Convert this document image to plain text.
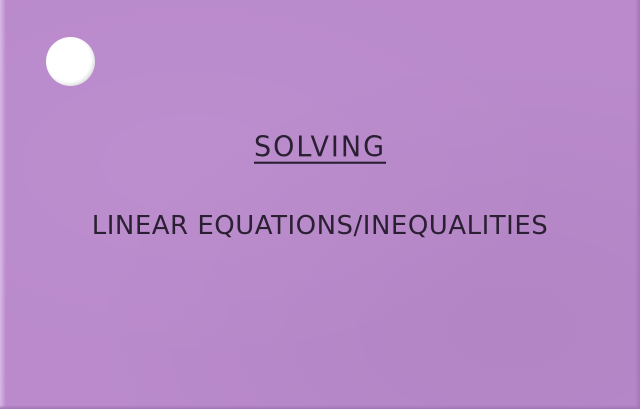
SOLVING
LINEAR EQUATIONS/INEQUALITIES
